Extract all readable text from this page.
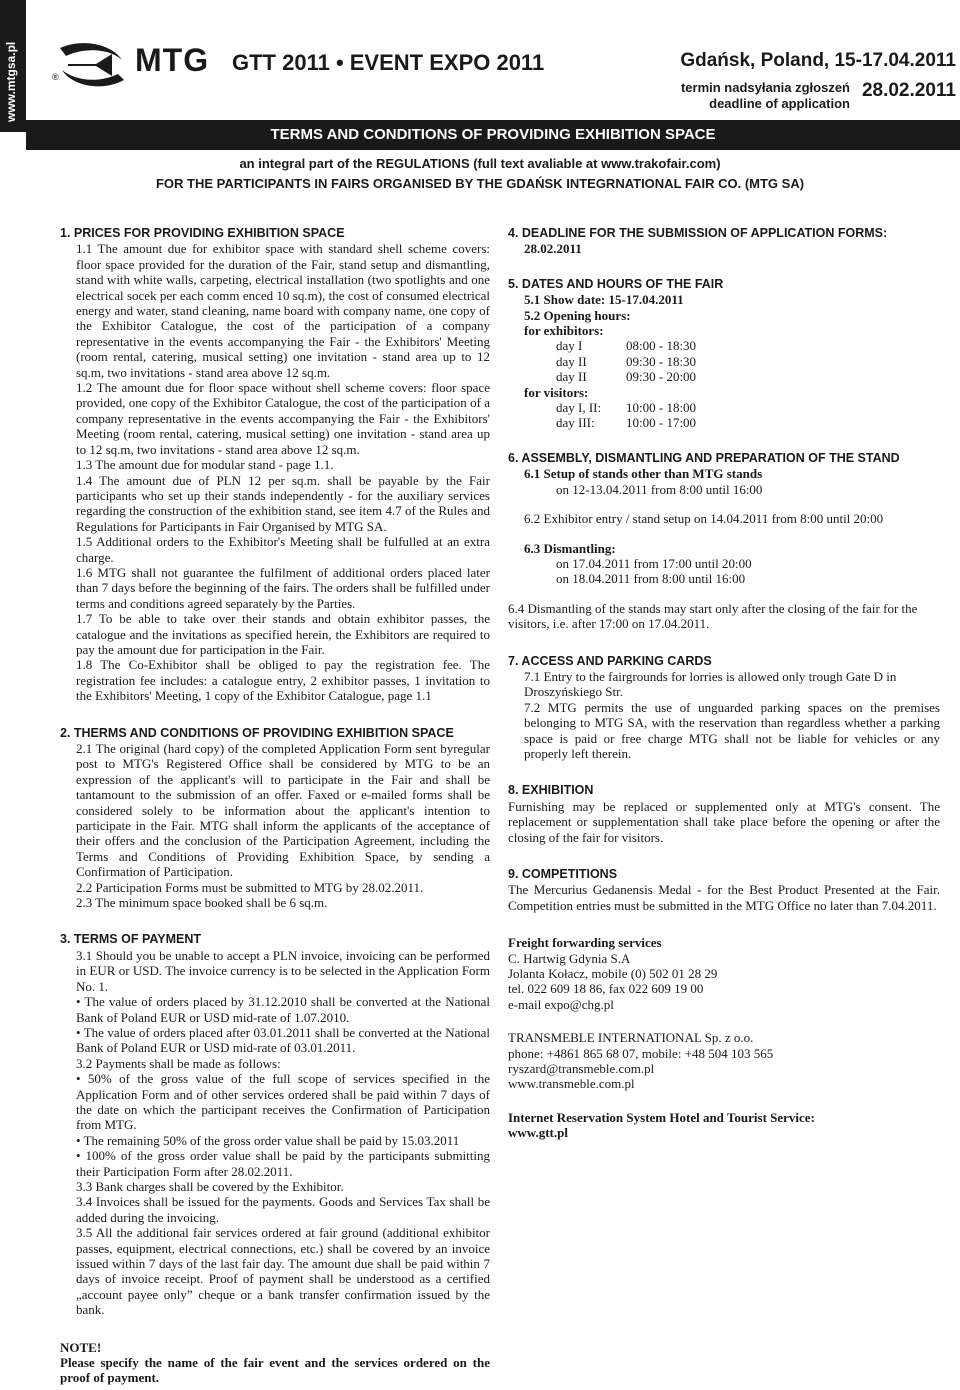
www.mtgsa.pl	® MTG GTT 2011 • EVENT EXPO 2011	Gdańsk, Poland, 15-17.04.2011
termin nadsyłania zgłoszeń
deadline of application
28.02.2011
TERMS AND CONDITIONS OF PROVIDING EXHIBITION SPACE
an integral part of the REGULATIONS (full text avaliable at www.trakofair.com)
FOR THE PARTICIPANTS IN FAIRS ORGANISED BY THE GDAŃSK INTEGRNATIONAL FAIR CO. (MTG SA)

1. PRICES FOR PROVIDING EXHIBITION SPACE

1.1 The amount due for exhibitor space with standard shell scheme covers: floor space provided for the duration of the Fair, stand setup and dismantling, stand with white walls, carpeting, electrical installation (two spotlights and one electrical socek per each comm enced 10 sq.m), the cost of consumed electrical energy and water, stand cleaning, name board with company name, one copy of the Exhibitor Catalogue, the cost of the participation of a company representative in the events accompanying the Fair - the Exhibitors' Meeting (room rental, catering, musical setting) one invitation - stand area up to 12 sq.m, two invitations - stand area above 12 sq.m.

1.2 The amount due for floor space without shell scheme covers: floor space provided, one copy of the Exhibitor Catalogue, the cost of the participation of a company representative in the events accompanying the Fair - the Exhibitors' Meeting (room rental, catering, musical setting) one invitation - stand area up to 12 sq.m, two invitations - stand area above 12 sq.m.

1.3 The amount due for modular stand - page 1.1.

1.4 The amount due of PLN 12 per sq.m. shall be payable by the Fair participants who set up their stands independently - for the auxiliary services regarding the construction of the exhibition stand, see item 4.7 of the Rules and Regulations for Participants in Fair Organised by MTG SA.

1.5 Additional orders to the Exhibitor's Meeting shall be fulfulled at an extra charge.

1.6 MTG shall not guarantee the fulfilment of additional orders placed later than 7 days before the beginning of the fairs. The orders shall be fulfilled under terms and conditions agreed separately by the Parties.

1.7 To be able to take over their stands and obtain exhibitor passes, the catalogue and the invitations as specified herein, the Exhibitors are required to pay the amount due for participation in the Fair.

1.8 The Co-Exhibitor shall be obliged to pay the registration fee. The registration fee includes: a catalogue entry, 2 exhibitor passes, 1 invitation to the Exhibitors' Meeting, 1 copy of the Exhibitor Catalogue, page 1.1

2. THERMS AND CONDITIONS OF PROVIDING EXHIBITION SPACE

2.1 The original (hard copy) of the completed Application Form sent byregular post to MTG's Registered Office shall be considered by MTG to be an expression of the applicant's will to participate in the Fair and shall be tantamount to the submission of an offer. Faxed or e-mailed forms shall be considered solely to be information about the applicant's intention to participate in the Fair. MTG shall inform the applicants of the acceptance of their offers and the conclusion of the Participation Agreement, including the Terms and Conditions of Providing Exhibition Space, by sending a Confirmation of Participation.

2.2 Participation Forms must be submitted to MTG by 28.02.2011.

2.3 The minimum space booked shall be 6 sq.m.

3. TERMS OF PAYMENT

3.1 Should you be unable to accept a PLN invoice, invoicing can be performed in EUR or USD. The invoice currency is to be selected in the Application Form No. 1.

• The value of orders placed by 31.12.2010 shall be converted at the National Bank of Poland EUR or USD mid-rate of 1.07.2010.

• The value of orders placed after 03.01.2011 shall be converted at the National Bank of Poland EUR or USD mid-rate of 03.01.2011.

3.2 Payments shall be made as follows:

• 50% of the gross value of the full scope of services specified in the Application Form and of other services ordered shall be paid within 7 days of the date on which the participant receives the Confirmation of Participation from MTG.

• The remaining 50% of the gross order value shall be paid by 15.03.2011

• 100% of the gross order value shall be paid by the participants submitting their Participation Form after 28.02.2011.

3.3 Bank charges shall be covered by the Exhibitor.

3.4 Invoices shall be issued for the payments. Goods and Services Tax shall be added during the invoicing.

3.5 All the additional fair services ordered at fair ground (additional exhibitor passes, equipment, electrical connections, etc.) shall be covered by an invoice issued within 7 days of the last fair day. The amount due shall be paid within 7 days of invoice receipt. Proof of payment shall be understood as a certified „account payee only” cheque or a bank transfer confirmation issued by the bank.

4. DEADLINE FOR THE SUBMISSION OF APPLICATION FORMS:

28.02.2011

5. DATES AND HOURS OF THE FAIR

5.1 Show date: 15-17.04.2011

5.2 Opening hours:

for exhibitors:

day I	08:00 - 18:30
day II	09:30 - 18:30
day II	09:30 - 20:00

for visitors:

day I, II:	10:00 - 18:00
day III:	10:00 - 17:00

6. ASSEMBLY, DISMANTLING AND PREPARATION OF THE STAND

6.1 Setup of stands other than MTG stands

on 12-13.04.2011 from 8:00 until 16:00

6.2 Exhibitor entry / stand setup on 14.04.2011 from 8:00 until 20:00

6.3 Dismantling:

on 17.04.2011 from 17:00 until 20:00

on 18.04.2011 from 8:00 until 16:00

6.4 Dismantling of the stands may start only after the closing of the fair for the visitors, i.e. after 17:00 on 17.04.2011.

7. ACCESS AND PARKING CARDS

7.1 Entry to the fairgrounds for lorries is allowed only trough Gate D in Droszyńskiego Str.

7.2 MTG permits the use of unguarded parking spaces on the premises belonging to MTG SA, with the reservation than regardless whether a parking space is paid or free charge MTG shall not be liable for vehicles or any properly left therein.

8. EXHIBITION

Furnishing may be replaced or supplemented only at MTG's consent. The replacement or supplementation shall take place before the opening or after the closing of the fair for visitors.

9. COMPETITIONS

The Mercurius Gedanensis Medal - for the Best Product Presented at the Fair. Competition entries must be submitted in the MTG Office no later than 7.04.2011.

Freight forwarding services

C. Hartwig Gdynia S.A

Jolanta Kołacz, mobile (0) 502 01 28 29

tel. 022 609 18 86, fax 022 609 19 00

e-mail expo@chg.pl

TRANSMEBLE INTERNATIONAL Sp. z o.o.

phone: +4861 865 68 07, mobile: +48 504 103 565

ryszard@transmeble.com.pl

www.transmeble.com.pl

Internet Reservation System Hotel and Tourist Service:

www.gtt.pl

NOTE!

Please specify the name of the fair event and the services ordered on the proof of payment.
